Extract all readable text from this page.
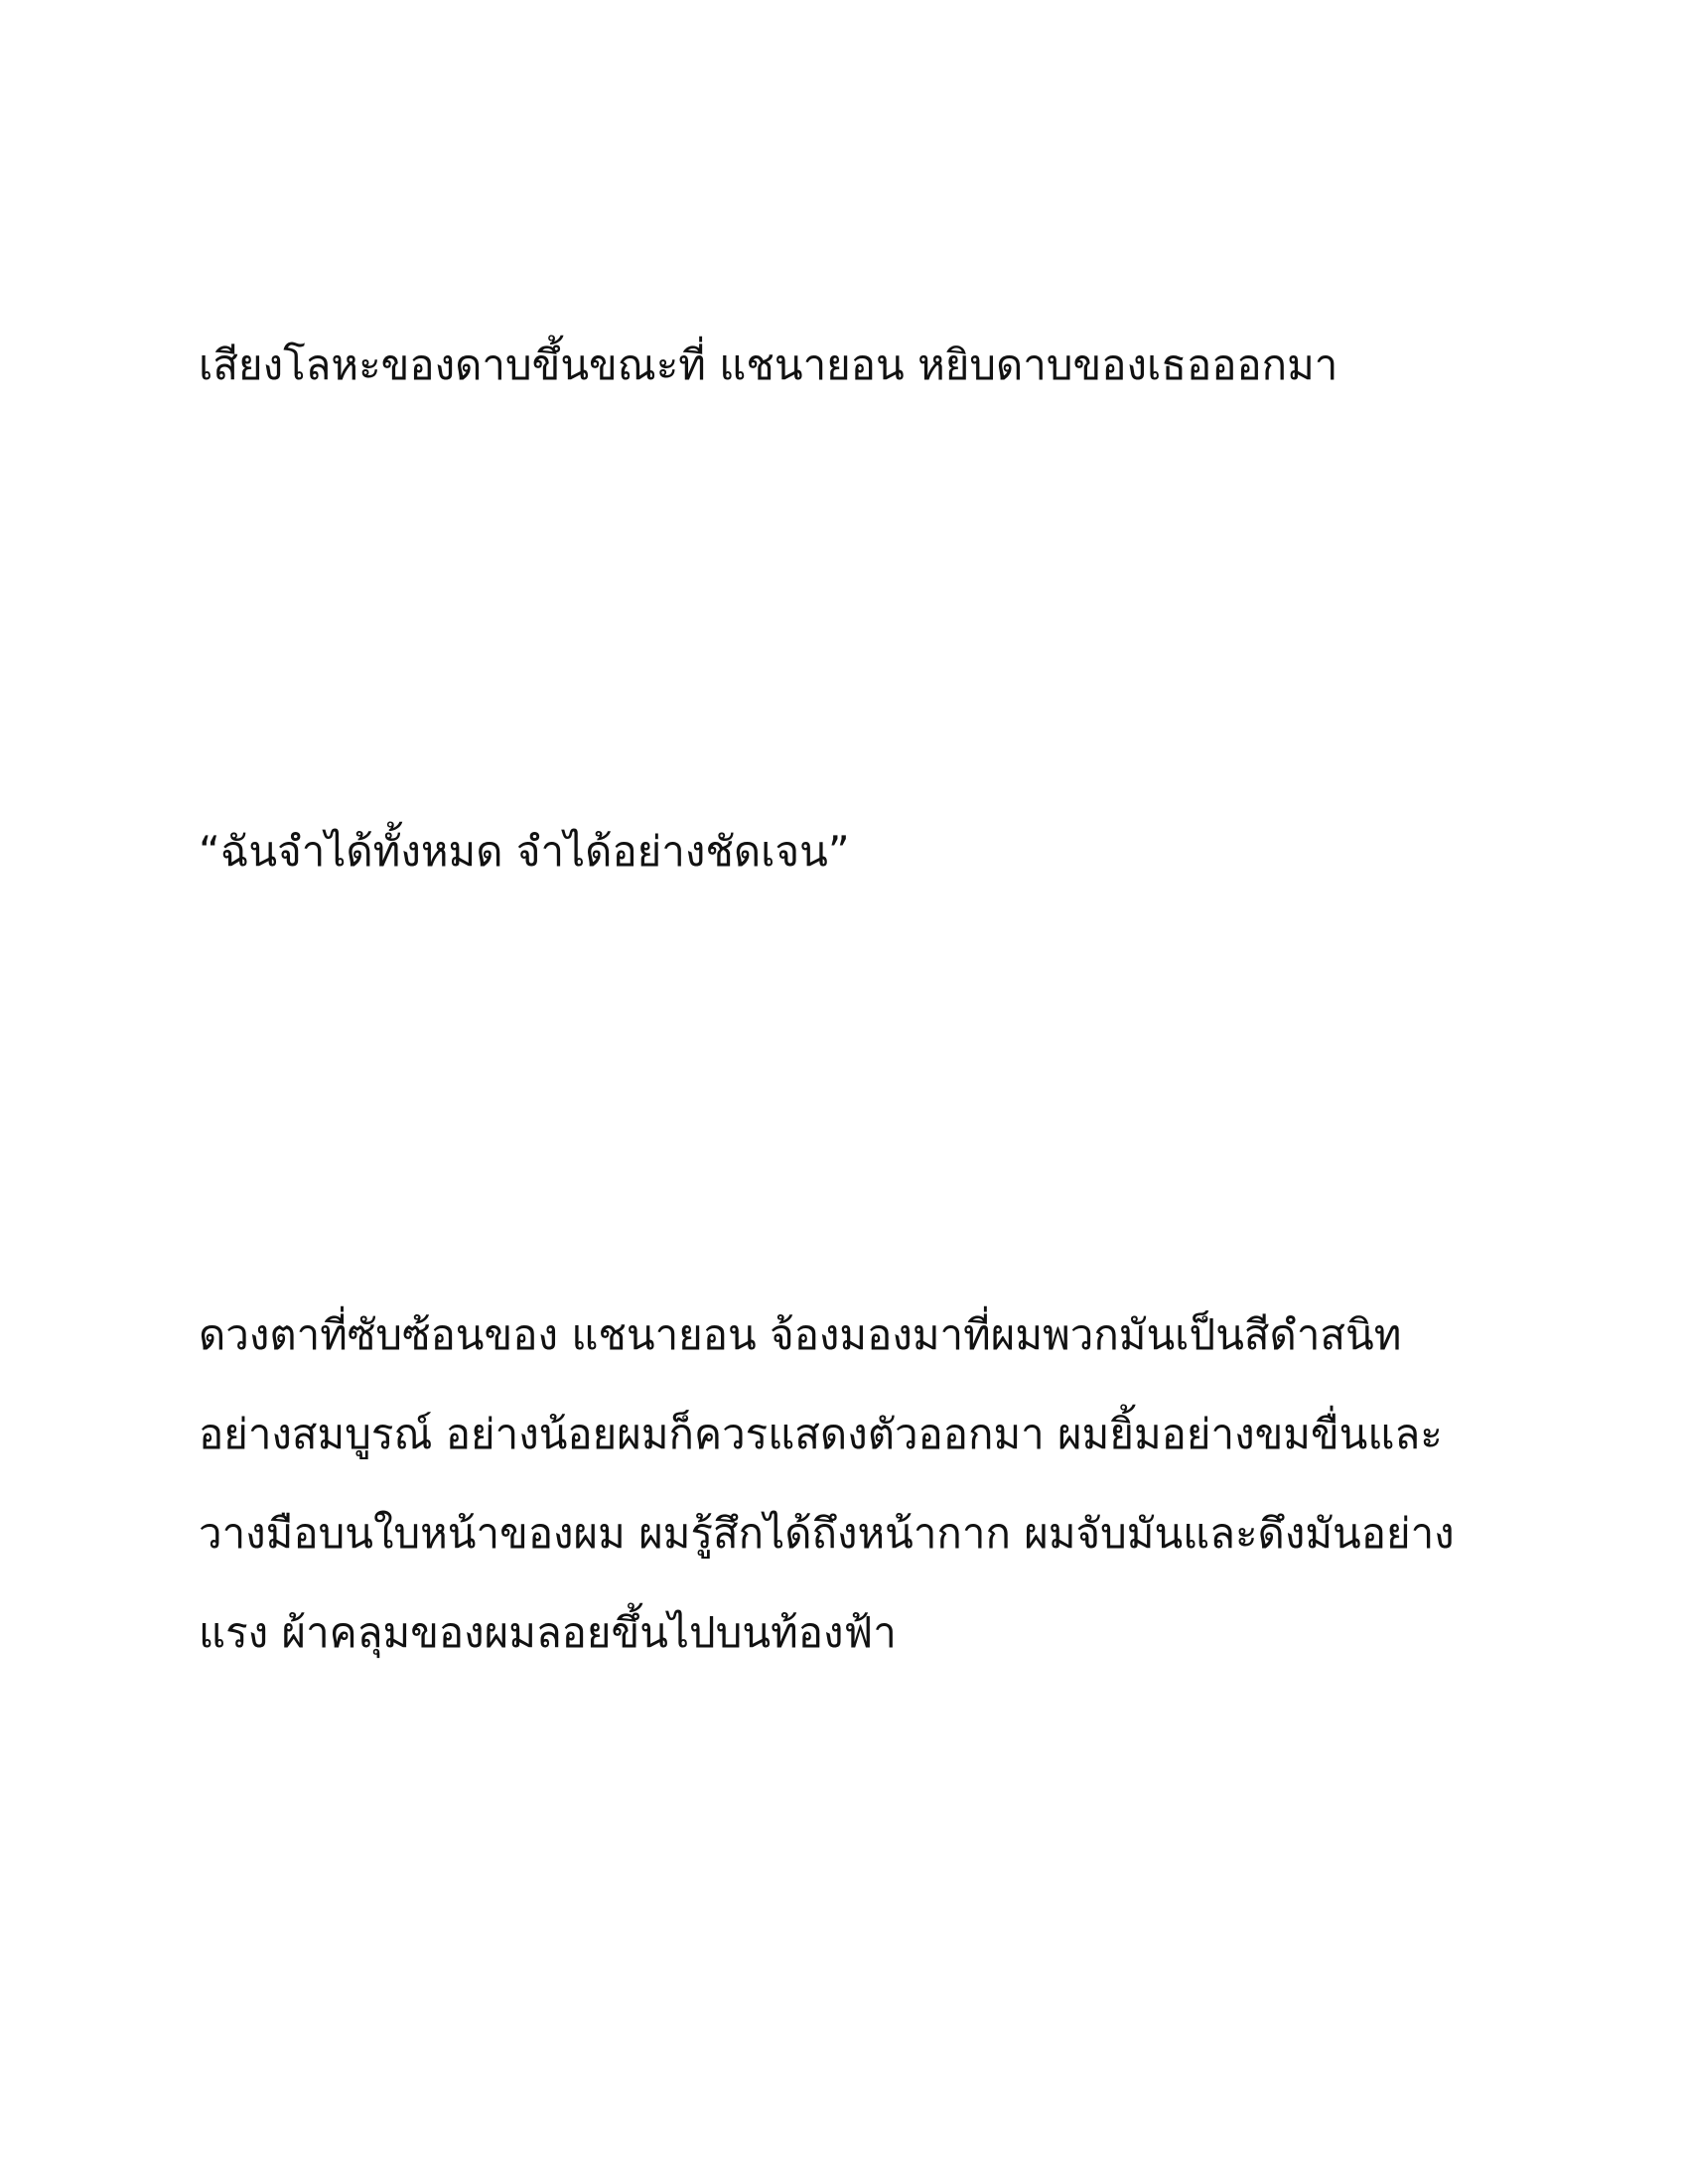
เสียงโลหะของดาบขึ้นขณะที่ แชนายอน หยิบดาบของเธอออกมา

“ฉันจำได้ทั้งหมด จำได้อย่างชัดเจน”

ดวงตาที่ซับซ้อนของ แชนายอน จ้องมองมาที่ผมพวกมันเป็นสีดำสนิท
อย่างสมบูรณ์ อย่างน้อยผมก็ควรแสดงตัวออกมา ผมยิ้มอย่างขมขื่นและ
วางมือบนใบหน้าของผม ผมรู้สึกได้ถึงหน้ากาก ผมจับมันและดึงมันอย่าง
แรง ผ้าคลุมของผมลอยขึ้นไปบนท้องฟ้า
